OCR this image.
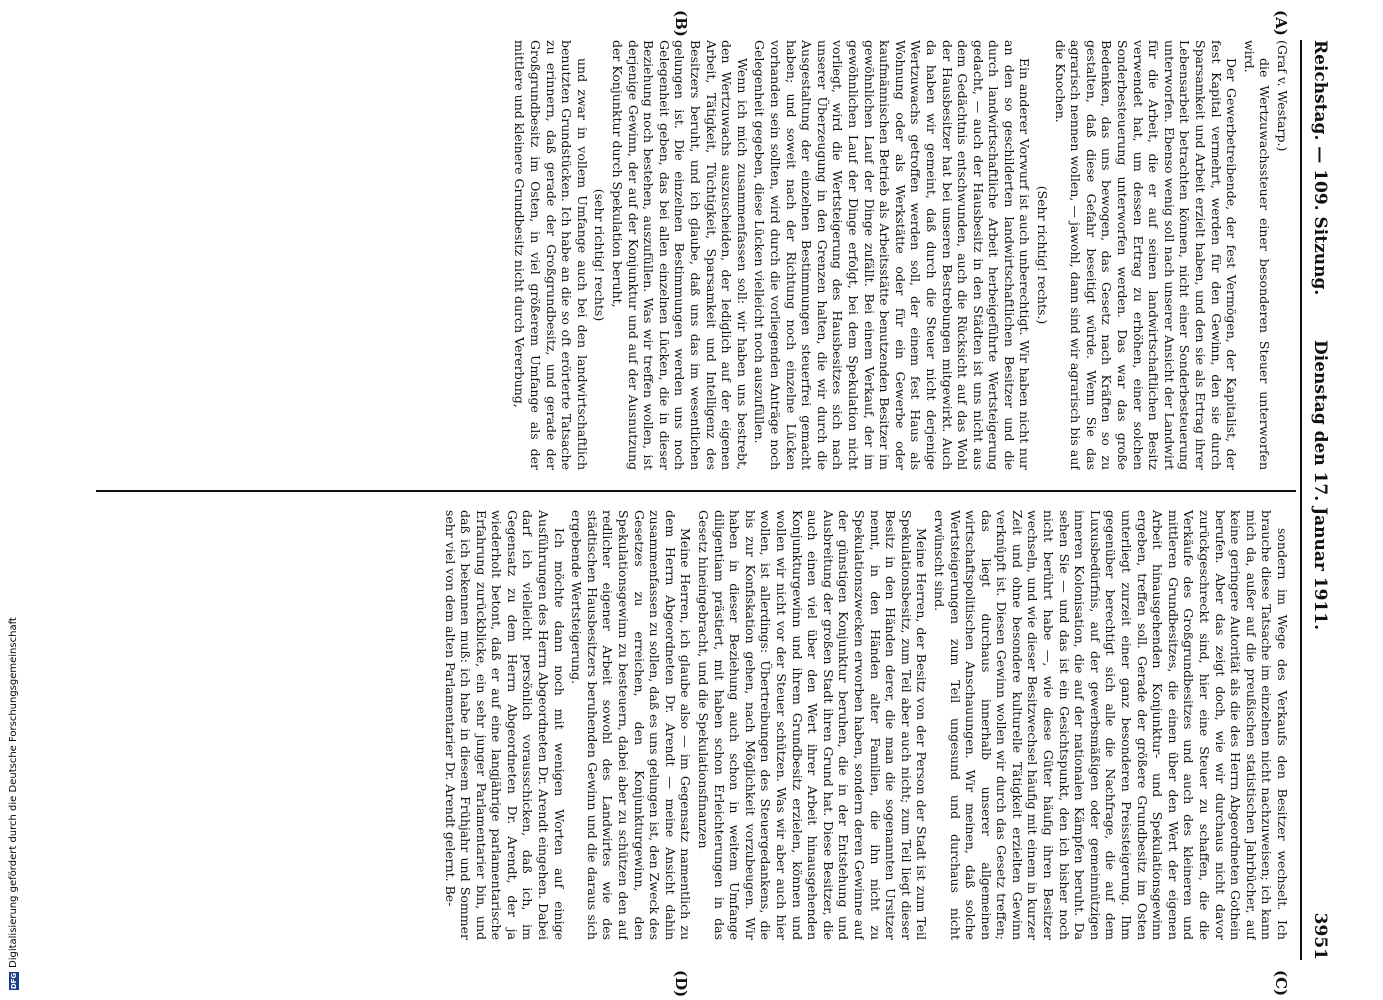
Reichstag. — 109. Sitzung.
Dienstag den 17. Januar 1911.
3951
(A)
(B)
(C)
(D)

(Graf v. Westarp.)

die Wertzuwachssteuer einer besonderen Steuer unterworfen wird.

Der Gewerbetreibende, der fest Vermögen, der Kapitalist, der fest Kapital vermehrt, werden für den Gewinn, den sie durch Sparsamkeit und Arbeit erzielt haben, und den sie als Ertrag ihrer Lebensarbeit betrachten können, nicht einer Sonderbesteuerung unterworfen. Ebenso wenig soll nach unserer Ansicht der Landwirt für die Arbeit, die er auf seinen landwirtschaftlichen Besitz verwendet hat, um dessen Ertrag zu erhöhen, einer solchen Sonderbesteuerung unterworfen werden. Das war das große Bedenken, das uns bewogen, das Gesetz nach Kräften so zu gestalten, daß diese Gefahr beseitigt würde. Wenn Sie das agrarisch nennen wollen, — jawohl, dann sind wir agrarisch bis auf die Knochen.

(Sehr richtig! rechts.)

Ein anderer Vorwurf ist auch unberechtigt. Wir haben nicht nur an den so geschilderten landwirtschaftlichen Besitzer und die durch landwirtschaftliche Arbeit herbeigeführte Wertsteigerung gedacht, — auch der Hausbesitz in den Städten ist uns nicht aus dem Gedächtnis entschwunden, auch die Rücksicht auf das Wohl der Hausbesitzer hat bei unseren Bestrebungen mitgewirkt. Auch da haben wir gemeint, daß durch die Steuer nicht derjenige Wertzuwachs getroffen werden soll, der einem fest Haus als Wohnung oder als Werkstätte oder für ein Gewerbe oder kaufmännischen Betrieb als Arbeitsstätte benutzenden Besitzer im gewöhnlichen Lauf der Dinge zufällt. Bei einem Verkauf, der im gewöhnlichen Lauf der Dinge erfolgt, bei dem Spekulation nicht vorliegt, wird die Wertsteigerung des Hausbesitzes sich nach unserer Überzeugung in den Grenzen halten, die wir durch die Ausgestaltung der einzelnen Bestimmungen steuerfrei gemacht haben; und soweit nach der Richtung noch einzelne Lücken vorhanden sein sollten, wird durch die vorliegenden Anträge noch Gelegenheit gegeben, diese Lücken vielleicht noch auszufüllen.

Wenn ich mich zusammenfassen soll: wir haben uns bestrebt, den Wertzuwachs auszuscheiden, der lediglich auf der eigenen Arbeit, Tätigkeit, Tüchtigkeit, Sparsamkeit und Intelligenz des Besitzers beruht, und ich glaube, daß uns das im wesentlichen gelungen ist. Die einzelnen Bestimmungen werden uns noch Gelegenheit geben, das bei allen einzelnen Lücken, die in dieser Beziehung noch bestehen, auszufüllen. Was wir treffen wollen, ist derjenige Gewinn, der auf der Konjunktur und auf der Ausnutzung der Konjunktur durch Spekulation beruht,

(sehr richtig! rechts)

und zwar in vollem Umfange auch bei den landwirtschaftlich benutzten Grundstücken. Ich habe an die so oft erörterte Tatsache zu erinnern, daß gerade der Großgrundbesitz, und gerade der Großgrundbesitz im Osten, in viel größerem Umfange als der mittlere und kleinere Grundbesitz nicht durch Vererbung,

sondern im Wege des Verkaufs den Besitzer wechselt. Ich brauche diese Tatsache im einzelnen nicht nachzuweisen; ich kann mich da, außer auf die preußischen statistischen Jahrbücher, auf keine geringere Autorität als die des Herrn Abgeordneten Gothein berufen. Aber das zeigt doch, wie wir durchaus nicht davor zurückgeschreckt sind, hier eine Steuer zu schaffen, die die Verkäufe des Großgrundbesitzes und auch des kleineren und mittleren Grundbesitzes, die einen über den Wert der eigenen Arbeit hinausgehenden Konjunktur- und Spekulationsgewinn ergeben, treffen soll. Gerade der größere Grundbesitz im Osten unterliegt zurzeit einer ganz besonderen Preissteigerung. Ihm gegenüber berechtigt sich alle die Nachfrage, die auf dem Luxusbedürfnis, auf der gewerbsmäßigen oder gemeinnützigen inneren Kolonisation, die auf der nationalen Kämpfen beruht. Da sehen Sie — und das ist ein Gesichtspunkt, den ich bisher noch nicht berührt habe —, wie diese Güter häufig ihren Besitzer wechseln, und wie dieser Besitzwechsel häufig mit einem in kurzer Zeit und ohne besondere kulturelle Tätigkeit erzielten Gewinn verknüpft ist. Diesen Gewinn wollen wir durch das Gesetz treffen; das liegt durchaus innerhalb unserer allgemeinen wirtschaftspolitischen Anschauungen. Wir meinen, daß solche Wertsteigerungen zum Teil ungesund und durchaus nicht erwünscht sind.

Meine Herren, der Besitz von der Person der Stadt ist zum Teil Spekulationsbesitz, zum Teil aber auch nicht; zum Teil liegt dieser Besitz in den Händen derer, die man die sogenannten Ursitzer nennt, in den Händen alter Familien, die ihn nicht zu Spekulationszwecken erworben haben, sondern deren Gewinne auf der günstigen Konjunktur beruhen, die in der Entstehung und Ausbreitung der großen Stadt ihren Grund hat. Diese Besitzer, die auch einen viel über den Wert ihrer Arbeit hinausgehenden Konjunkturgewinn und ihrem Grundbesitz erzielen, können und wollen wir nicht vor der Steuer schützen. Was wir aber auch hier wollen, ist allerdings: Übertreibungen des Steuergedankens, die bis zur Konfiskation gehen, nach Möglichkeit vorzubeugen. Wir haben in dieser Beziehung auch schon in weitem Umfange diligentiam prästiert, mit haben schon Erleichterungen in das Gesetz hineingebracht, und die Spekulationsfinanzen

Meine Herren, ich glaube also — im Gegensatz namentlich zu dem Herrn Abgeordneten Dr. Arendt — meine Ansicht dahin zusammenfassen zu sollen, daß es uns gelungen ist, den Zweck des Gesetzes zu erreichen, den Konjunkturgewinn, den Spekulationsgewinn zu besteuern, dabei aber zu schützen den auf redlicher eigener Arbeit sowohl des Landwirtes wie des städtischen Hausbesitzers beruhenden Gewinn und die daraus sich ergebende Wertsteigerung.

Ich möchte dann noch mit wenigen Worten auf einige Ausführungen des Herrn Abgeordneten Dr. Arendt eingehen. Dabei darf ich vielleicht persönlich vorausschicken, daß ich, im Gegensatz zu dem Herrn Abgeordneten Dr. Arendt, der ja wiederholt betont, daß er auf eine langjährige parlamentarische Erfahrung zurückblicke, ein sehr junger Parlamentarier bin, und daß ich bekennen muß: ich habe in diesem Frühjahr und Sommer sehr viel von dem alten Parlamentarier Dr. Arendt gelernt. Be-

DFG
Digitalisierung gefördert durch die Deutsche Forschungsgemeinschaft
